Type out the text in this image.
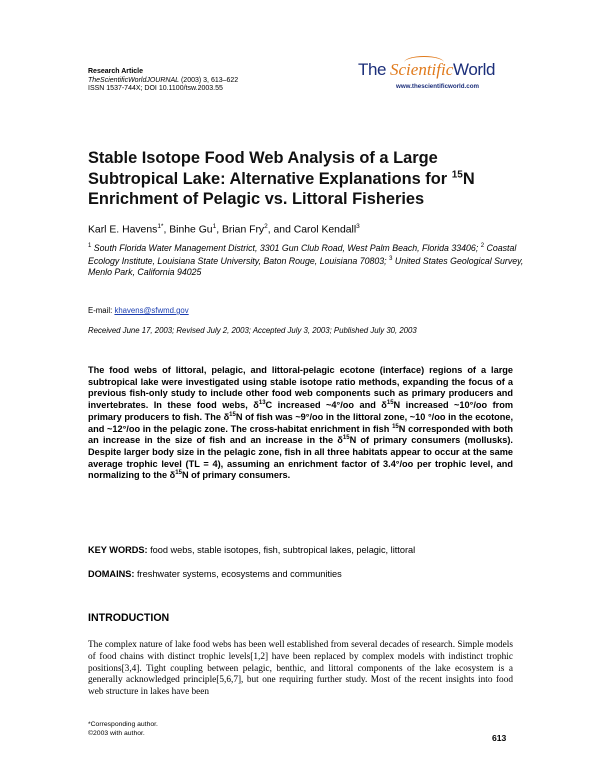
Research Article
TheScientificWorldJOURNAL (2003) 3, 613–622
ISSN 1537-744X; DOI 10.1100/tsw.2003.55
The Scientific World
www.thescientificworld.com
Stable Isotope Food Web Analysis of a Large
Subtropical Lake: Alternative Explanations for $^{15}$N
Enrichment of Pelagic vs. Littoral Fisheries
Karl E. Havens$^{1*}$, Binhe Gu$^1$, Brian Fry$^2$, and Carol Kendall$^3$
$^1$ South Florida Water Management District, 3301 Gun Club Road, West Palm Beach, Florida 33406; $^2$ Coastal Ecology Institute, Louisiana State University, Baton Rouge, Louisiana 70803; $^3$ United States Geological Survey, Menlo Park, California 94025
E-mail: khavens@sfwmd.gov
Received June 17, 2003; Revised July 2, 2003; Accepted July 3, 2003; Published July 30, 2003
The food webs of littoral, pelagic, and littoral-pelagic ecotone (interface) regions of a large subtropical lake were investigated using stable isotope ratio methods, expanding the focus of a previous fish-only study to include other food web components such as primary producers and invertebrates. In these food webs, $\delta^{13}C$ increased ~4°/oo and $\delta^{15}N$ increased ~10°/oo from primary producers to fish. The $\delta^{15}N$ of fish was ~9°/oo in the littoral zone, ~10 °/oo in the ecotone, and ~12°/oo in the pelagic zone. The cross-habitat enrichment in fish $^{15}$N corresponded with both an increase in the size of fish and an increase in the $\delta^{15}N$ of primary consumers (mollusks). Despite larger body size in the pelagic zone, fish in all three habitats appear to occur at the same average trophic level (TL = 4), assuming an enrichment factor of 3.4°/oo per trophic level, and normalizing to the $\delta^{15}N$ of primary consumers.
KEY WORDS: food webs, stable isotopes, fish, subtropical lakes, pelagic, littoral
DOMAINS: freshwater systems, ecosystems and communities
INTRODUCTION
The complex nature of lake food webs has been well established from several decades of research. Simple models of food chains with distinct trophic levels[1,2] have been replaced by complex models with indistinct trophic positions[3,4]. Tight coupling between pelagic, benthic, and littoral components of the lake ecosystem is a generally acknowledged principle[5,6,7], but one requiring further study. Most of the recent insights into food web structure in lakes have been
*Corresponding author.
©2003 with author.	613
